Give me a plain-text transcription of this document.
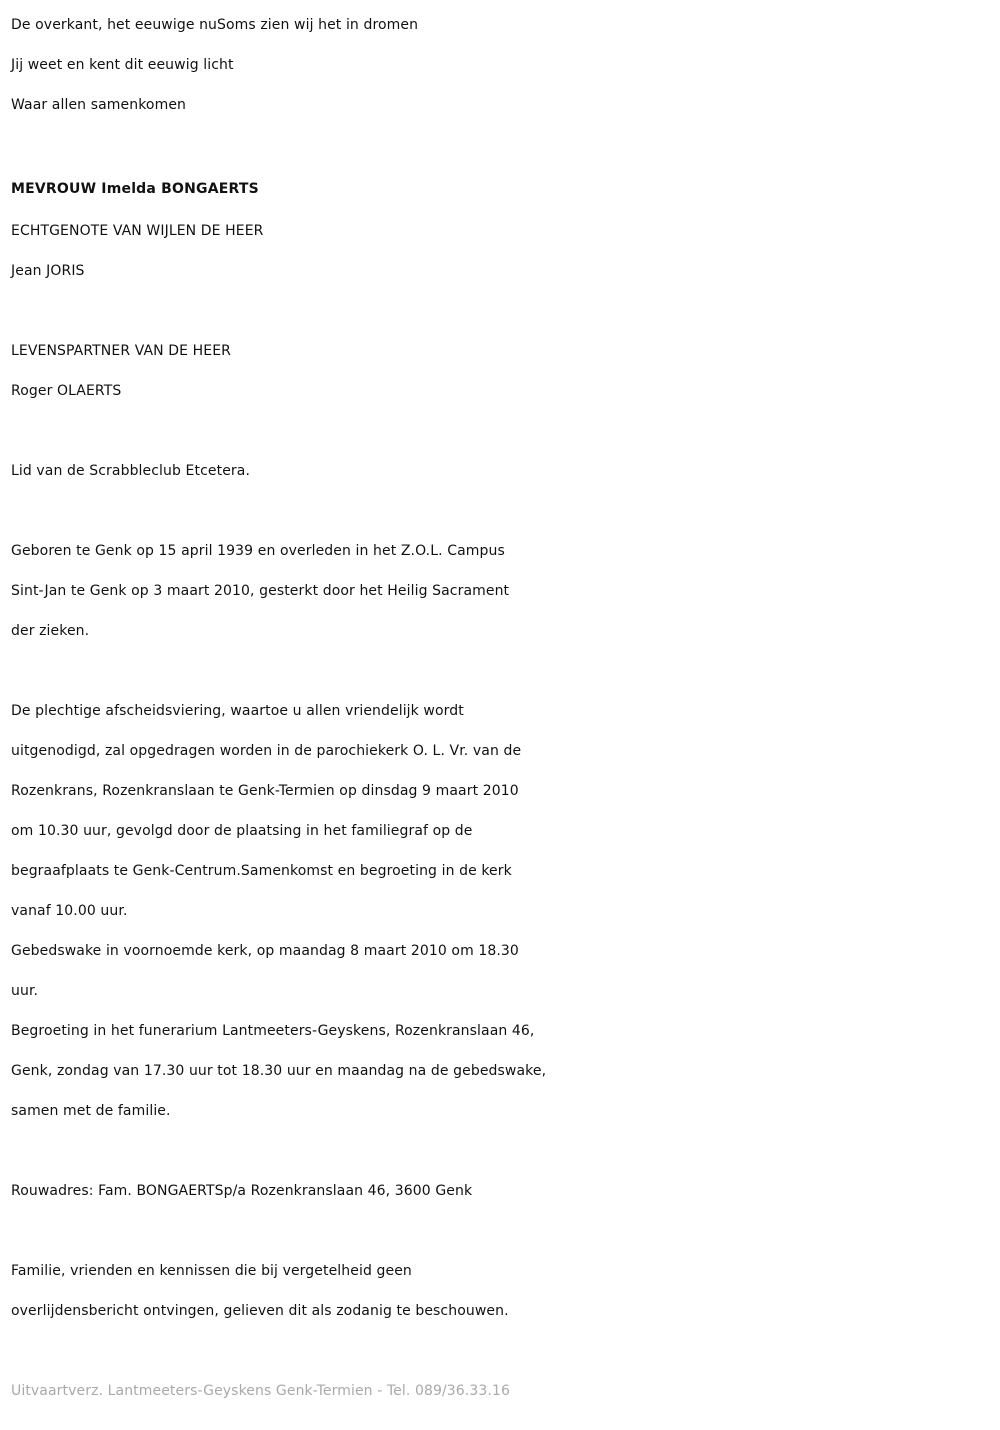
De overkant, het eeuwige nuSoms zien wij het in dromen
Jij weet en kent dit eeuwig licht
Waar allen samenkomen
MEVROUW Imelda BONGAERTS
ECHTGENOTE VAN WIJLEN DE HEER
Jean JORIS
LEVENSPARTNER VAN DE HEER
Roger OLAERTS
Lid van de Scrabbleclub Etcetera.
Geboren te Genk op 15 april 1939 en overleden in het Z.O.L. Campus
Sint-Jan te Genk op 3 maart 2010, gesterkt door het Heilig Sacrament
der zieken.
De plechtige afscheidsviering, waartoe u allen vriendelijk wordt
uitgenodigd, zal opgedragen worden in de parochiekerk O. L. Vr. van de
Rozenkrans, Rozenkranslaan te Genk-Termien op dinsdag 9 maart 2010
om 10.30 uur, gevolgd door de plaatsing in het familiegraf op de
begraafplaats te Genk-Centrum.Samenkomst en begroeting in de kerk
vanaf 10.00 uur.
Gebedswake in voornoemde kerk, op maandag 8 maart 2010 om 18.30
uur.
Begroeting in het funerarium Lantmeeters-Geyskens, Rozenkranslaan 46,
Genk, zondag van 17.30 uur tot 18.30 uur en maandag na de gebedswake,
samen met de familie.
Rouwadres: Fam. BONGAERTSp/a Rozenkranslaan 46, 3600 Genk
Familie, vrienden en kennissen die bij vergetelheid geen
overlijdensbericht ontvingen, gelieven dit als zodanig te beschouwen.
Uitvaartverz. Lantmeeters-Geyskens Genk-Termien - Tel. 089/36.33.16
